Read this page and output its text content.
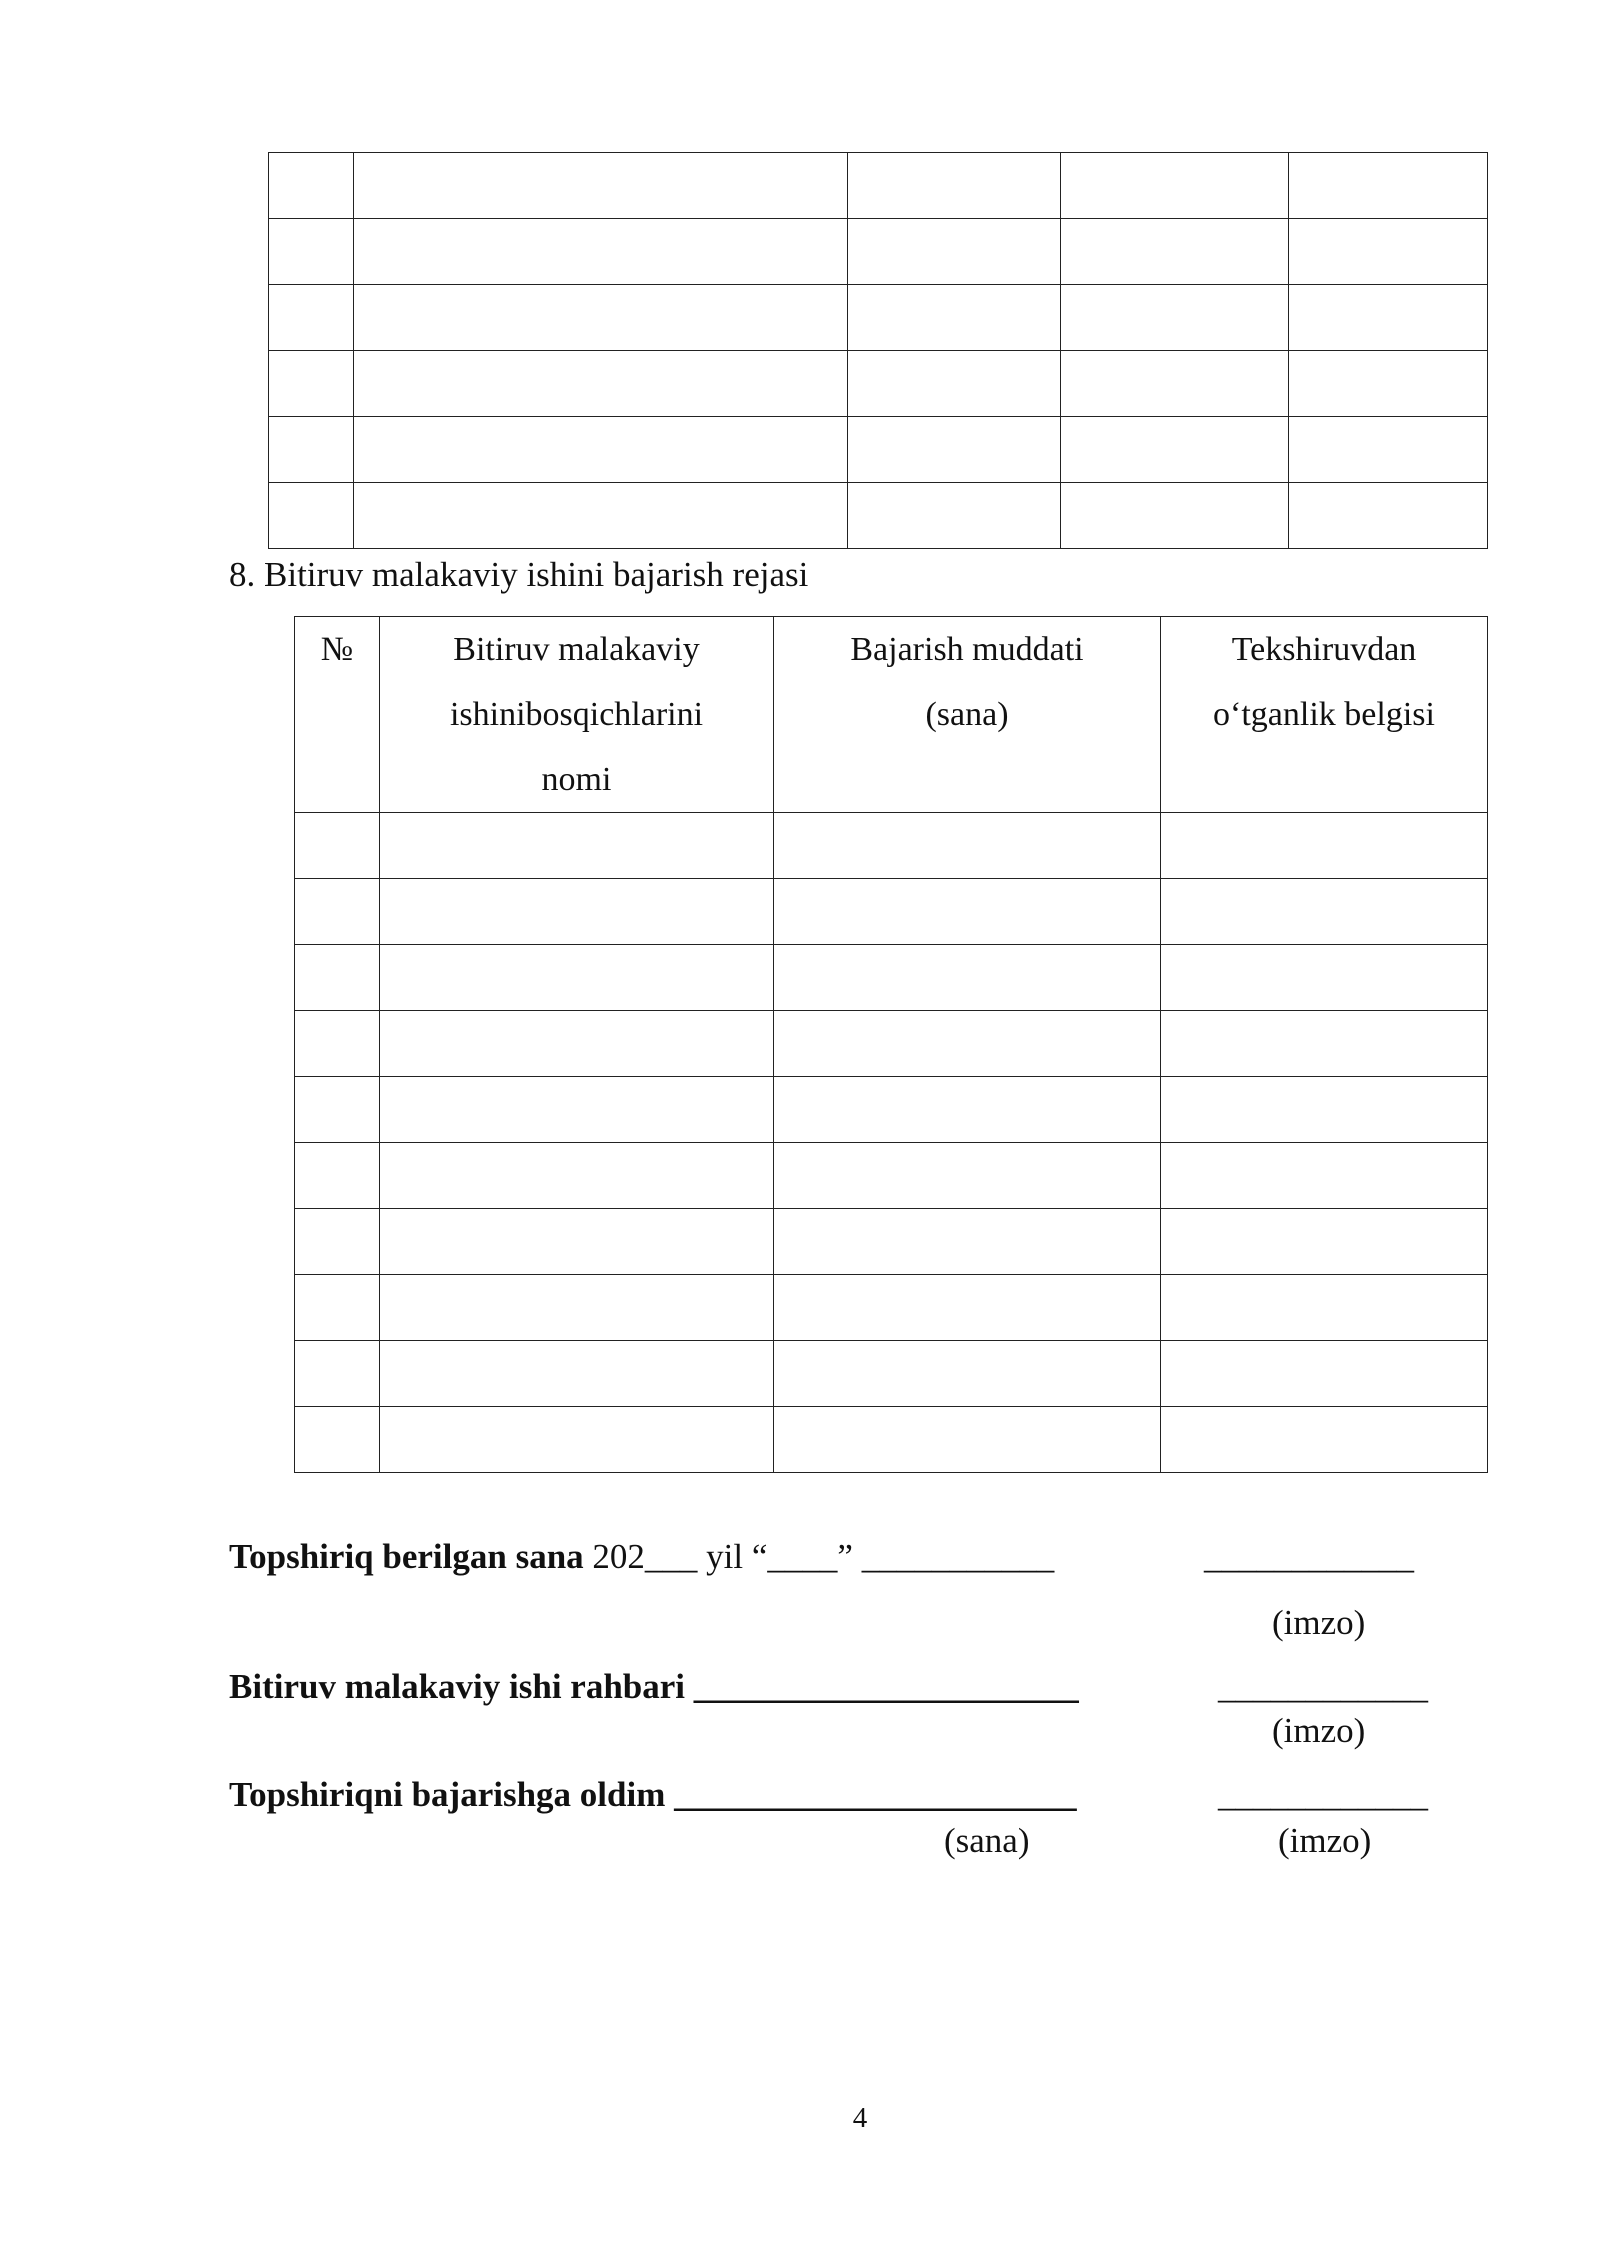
8. Bitiruv malakaviy ishini bajarish rejasi
№	Bitiruv malakaviy ishinibosqichlarini nomi	Bajarish muddati (sana)	Tekshiruvdan o‘tganlik belgisi

Topshiriq berilgan sana 202___ yil “____” ___________	____________
(imzo)
Bitiruv malakaviy ishi rahbari ______________________	____________
(imzo)
Topshiriqni bajarishga oldim _______________________	____________
(sana)	(imzo)
4
